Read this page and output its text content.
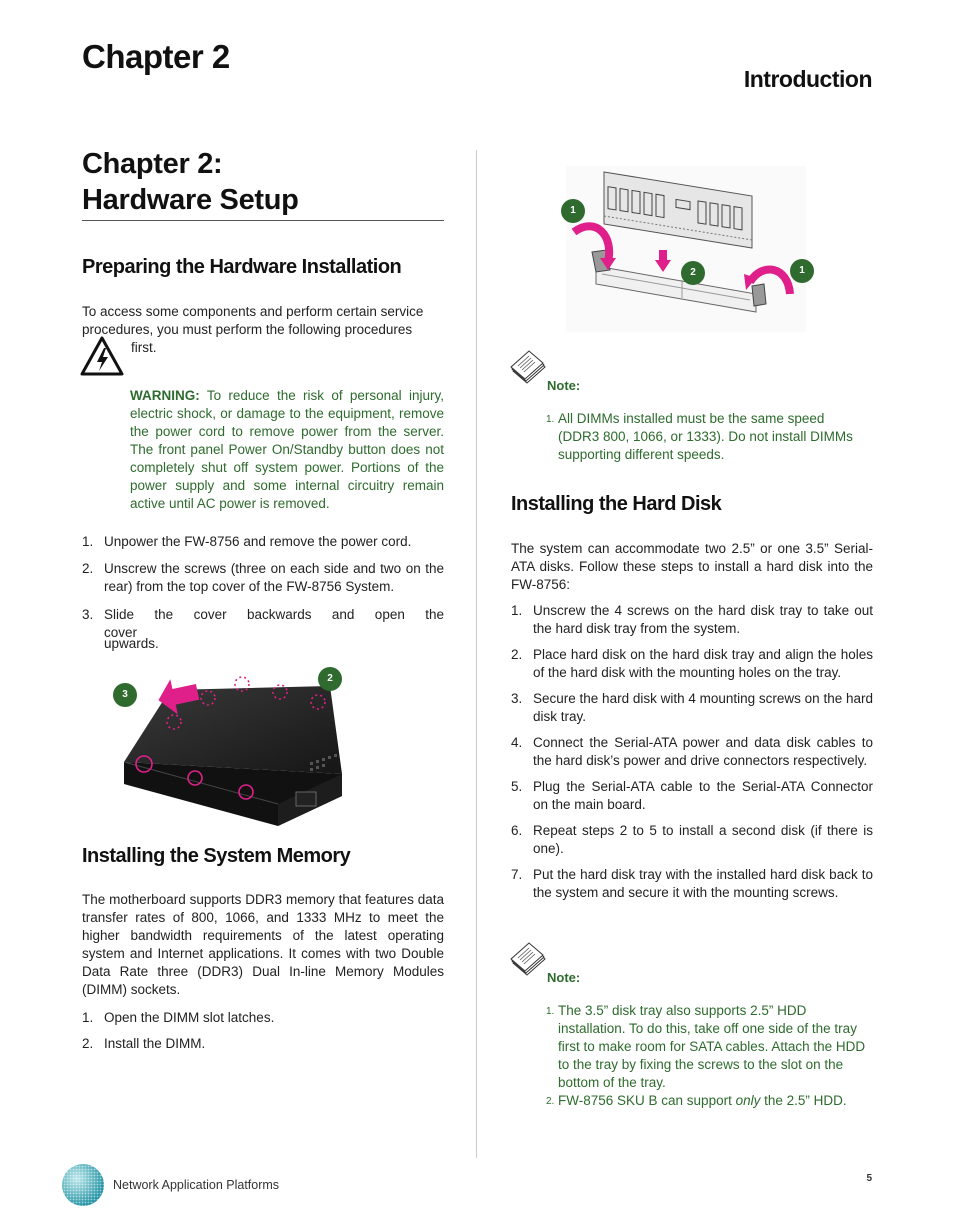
Chapter 2
Introduction
Chapter 2:
Hardware Setup
Preparing the Hardware Installation
To access some components and perform certain service
procedures, you must perform the following procedures
first.
WARNING: To reduce the risk of personal injury, electric shock, or damage to the equipment, remove the power cord to remove power from the server. The front panel Power On/Standby button does not completely shut off system power. Portions of the power supply and some internal circuitry remain active until AC power is removed.
1. Unpower the FW-8756 and remove the power cord.
2. Unscrew the screws (three on each side and two on the rear) from the top cover of the FW-8756 System.
3. Slide the cover backwards and open the cover
upwards.
3
2
Installing the System Memory
The motherboard supports DDR3 memory that features data transfer rates of 800, 1066, and 1333 MHz to meet the higher bandwidth requirements of the latest operating system and Internet applications. It comes with two Double Data Rate three (DDR3) Dual In-line Memory Modules (DIMM) sockets.
1. Open the DIMM slot latches.
2. Install the DIMM.
1
2	1
Note:
1. All DIMMs installed must be the same speed (DDR3 800, 1066, or 1333). Do not install DIMMs supporting different speeds.
Installing the Hard Disk
The system can accommodate two 2.5” or one 3.5” Serial-ATA disks. Follow these steps to install a hard disk into the FW-8756:
1. Unscrew the 4 screws on the hard disk tray to take out the hard disk tray from the system.
2. Place hard disk on the hard disk tray and align the holes of the hard disk with the mounting holes on the tray.
3. Secure the hard disk with 4 mounting screws on the hard disk tray.
4. Connect the Serial-ATA power and data disk cables to the hard disk’s power and drive connectors respectively.
5. Plug the Serial-ATA cable to the Serial-ATA Connector on the main board.
6. Repeat steps 2 to 5 to install a second disk (if there is one).
7. Put the hard disk tray with the installed hard disk back to the system and secure it with the mounting screws.
Note:
1. The 3.5” disk tray also supports 2.5” HDD installation. To do this, take off one side of the tray first to make room for SATA cables. Attach the HDD to the tray by fixing the screws to the slot on the bottom of the tray.
2. FW-8756 SKU B can support only the 2.5” HDD.
Network Application Platforms	5
